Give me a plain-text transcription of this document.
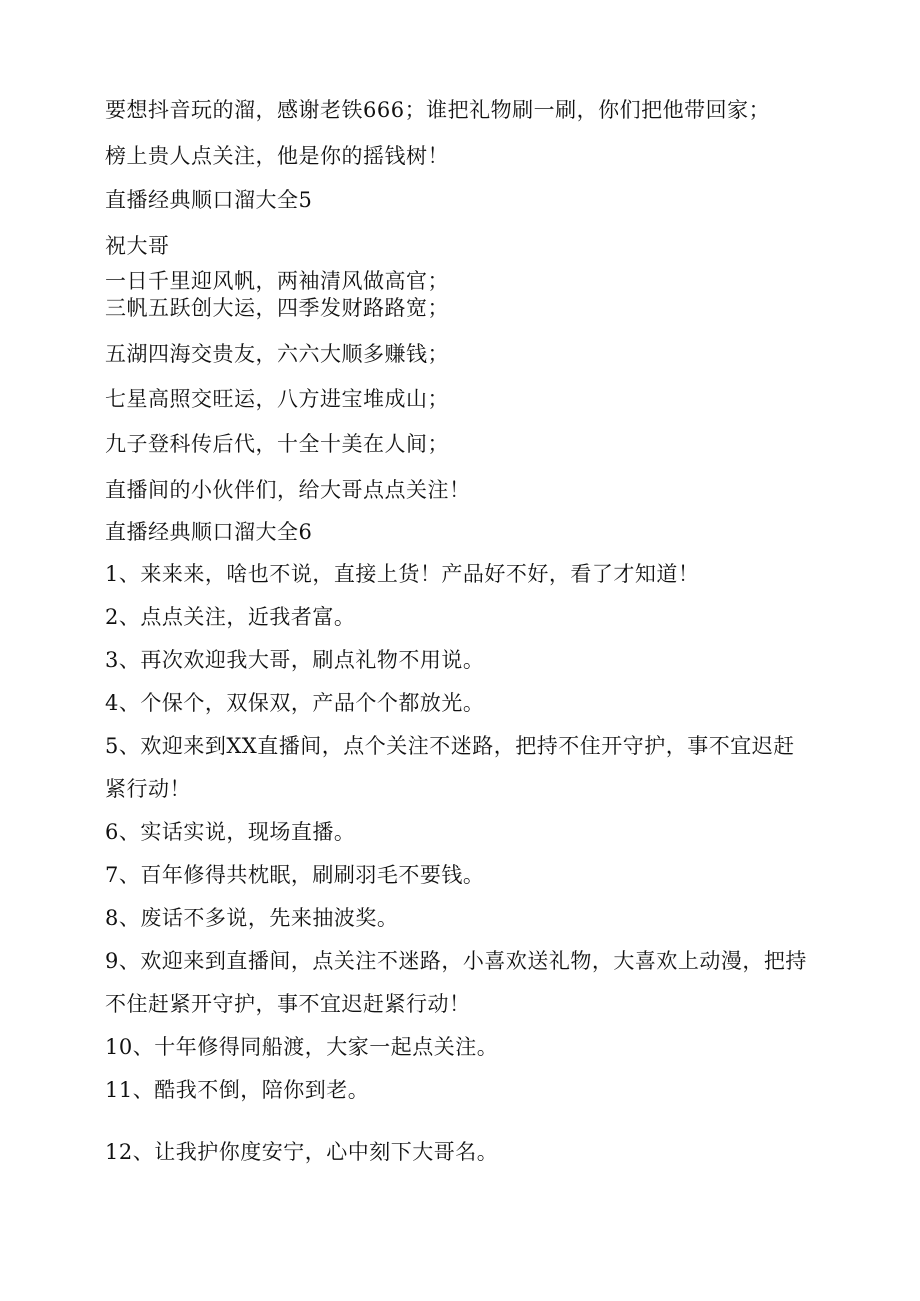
要想抖音玩的溜，感谢老铁666；谁把礼物刷一刷，你们把他带回家；

榜上贵人点关注，他是你的摇钱树！

直播经典顺口溜大全5

祝大哥

一日千里迎风帆，两袖清风做高官；

三帆五跃创大运，四季发财路路宽；

五湖四海交贵友，六六大顺多赚钱；

七星高照交旺运，八方进宝堆成山；

九子登科传后代，十全十美在人间；

直播间的小伙伴们，给大哥点点关注！

直播经典顺口溜大全6

1、来来来，啥也不说，直接上货！产品好不好，看了才知道！

2、点点关注，近我者富。

3、再次欢迎我大哥，刷点礼物不用说。

4、个保个，双保双，产品个个都放光。

5、欢迎来到XX直播间，点个关注不迷路，把持不住开守护，事不宜迟赶

紧行动！

6、实话实说，现场直播。

7、百年修得共枕眠，刷刷羽毛不要钱。

8、废话不多说，先来抽波奖。

9、欢迎来到直播间，点关注不迷路，小喜欢送礼物，大喜欢上动漫，把持

不住赶紧开守护，事不宜迟赶紧行动！

10、十年修得同船渡，大家一起点关注。

11、酷我不倒，陪你到老。

12、让我护你度安宁，心中刻下大哥名。
